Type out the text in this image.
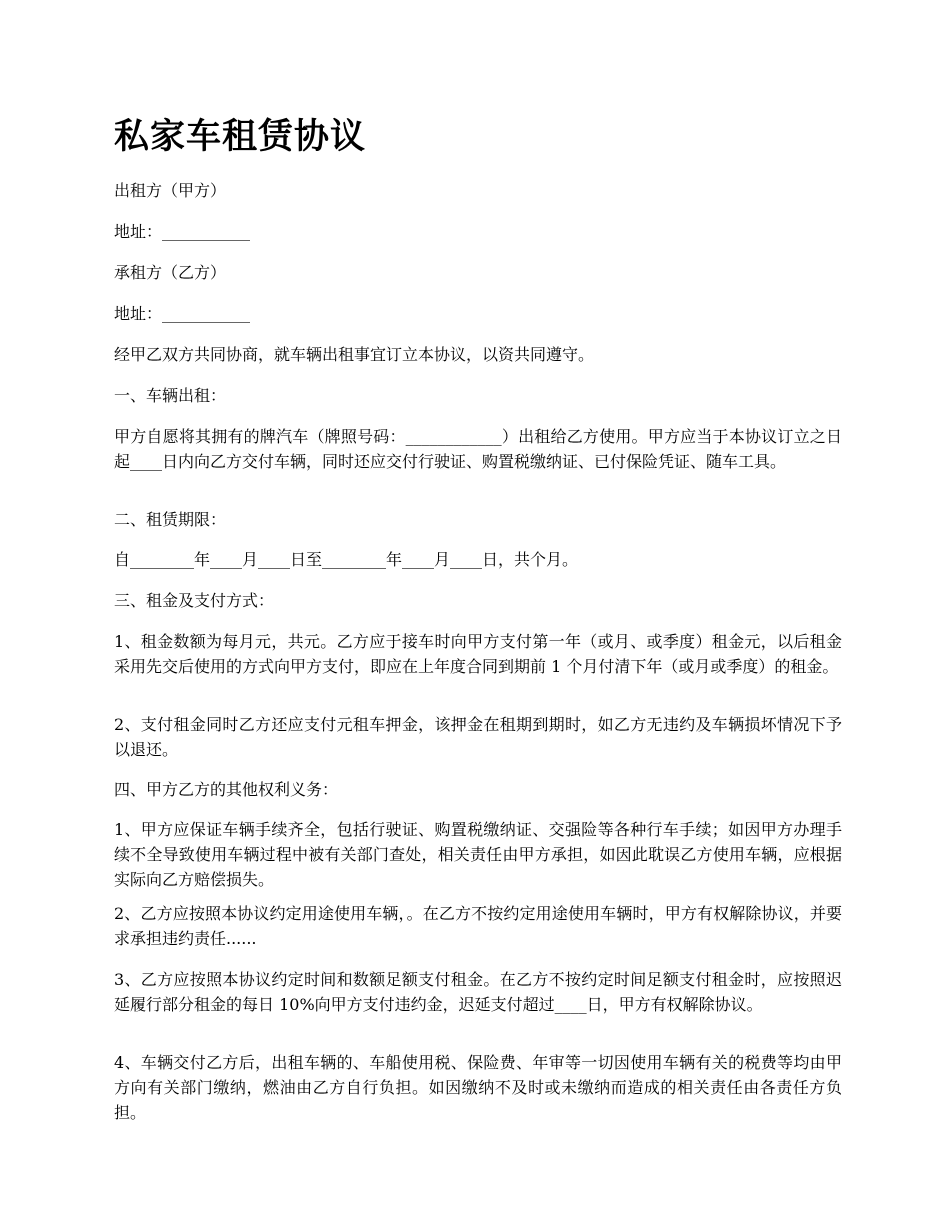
私家车租赁协议

出租方（甲方）

地址：___________

承租方（乙方）

地址：___________

经甲乙双方共同协商，就车辆出租事宜订立本协议，以资共同遵守。

一、车辆出租：

甲方自愿将其拥有的牌汽车（牌照号码：____________）出租给乙方使用。甲方应当于本协议订立之日起____日内向乙方交付车辆，同时还应交付行驶证、购置税缴纳证、已付保险凭证、随车工具。

二、租赁期限：

自________年____月____日至________年____月____日，共个月。

三、租金及支付方式：

1、租金数额为每月元，共元。乙方应于接车时向甲方支付第一年（或月、或季度）租金元，以后租金采用先交后使用的方式向甲方支付，即应在上年度合同到期前 1 个月付清下年（或月或季度）的租金。

2、支付租金同时乙方还应支付元租车押金，该押金在租期到期时，如乙方无违约及车辆损坏情况下予以退还。

四、甲方乙方的其他权利义务：

1、甲方应保证车辆手续齐全，包括行驶证、购置税缴纳证、交强险等各种行车手续；如因甲方办理手续不全导致使用车辆过程中被有关部门查处，相关责任由甲方承担，如因此耽误乙方使用车辆，应根据实际向乙方赔偿损失。

2、乙方应按照本协议约定用途使用车辆，。在乙方不按约定用途使用车辆时，甲方有权解除协议，并要求承担违约责任......

3、乙方应按照本协议约定时间和数额足额支付租金。在乙方不按约定时间足额支付租金时，应按照迟延履行部分租金的每日 10%向甲方支付违约金，迟延支付超过____日，甲方有权解除协议。

4、车辆交付乙方后，出租车辆的、车船使用税、保险费、年审等一切因使用车辆有关的税费等均由甲方向有关部门缴纳，燃油由乙方自行负担。如因缴纳不及时或未缴纳而造成的相关责任由各责任方负担。
